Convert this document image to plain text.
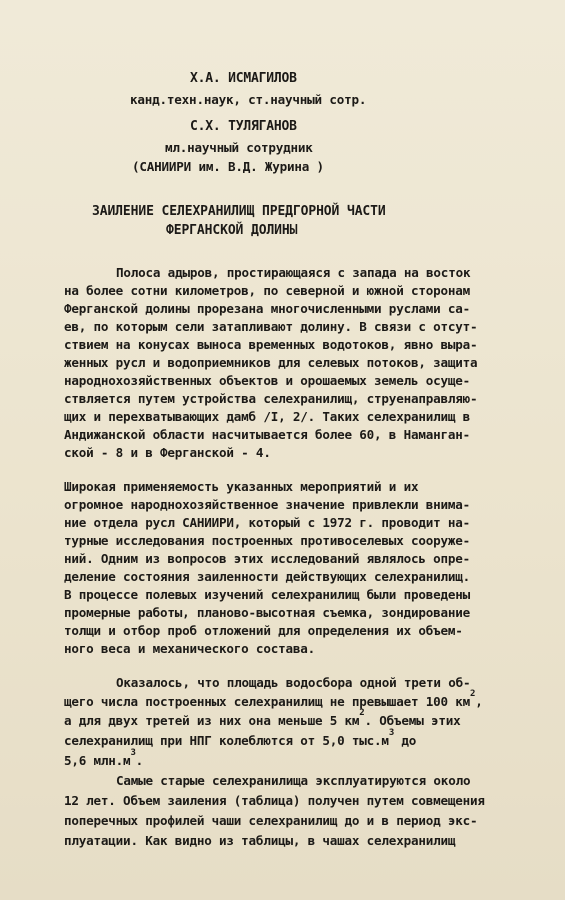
Х.А. ИСМАГИЛОВ
канд.техн.наук, ст.научный сотр.
С.Х. ТУЛЯГАНОВ
мл.научный сотрудник
(САНИИРИ им. В.Д. Журина )
ЗАИЛЕНИЕ СЕЛЕХРАНИЛИЩ ПРЕДГОРНОЙ ЧАСТИ
ФЕРГАНСКОЙ ДОЛИНЫ
Полоса адыров, простирающаяся с запада на восток
на более сотни километров, по северной и южной сторонам
Ферганской долины прорезана многочисленными руслами са-
ев, по которым сели затапливают долину. В связи с отсут-
ствием на конусах выноса временных водотоков, явно выра-
женных русл и водоприемников для селевых потоков, защита
народнохозяйственных объектов и орошаемых земель осуще-
ствляется путем устройства селехранилищ, струенаправляю-
щих и перехватывающих дамб /I, 2/. Таких селехранилищ в
Андижанской области насчитывается более 60, в Наманган-
ской - 8 и в Ферганской - 4.
Широкая применяемость указанных мероприятий и их
огромное народнохозяйственное значение привлекли внима-
ние отдела русл САНИИРИ, который с 1972 г. проводит на-
турные исследования построенных противоселевых сооруже-
ний. Одним из вопросов этих исследований являлось опре-
деление состояния заиленности действующих селехранилищ.
В процессе полевых изучений селехранилищ были проведены
промерные работы, планово-высотная съемка, зондирование
толщи и отбор проб отложений для определения их объем-
ного веса и механического состава.
Оказалось, что площадь водосбора одной трети об-
щего числа построенных селехранилищ не превышает 100 $км^2$,
а для двух третей из них она меньше 5 $км^2$. Объемы этих
селехранилищ при НПГ колеблются от 5,0 $тыс.м^3$ до
5,6 $млн.м^3$.
Самые старые селехранилища эксплуатируются около
12 лет. Объем заиления (таблица) получен путем совмещения
поперечных профилей чаши селехранилищ до и в период экс-
плуатации. Как видно из таблицы, в чашах селехранилищ
